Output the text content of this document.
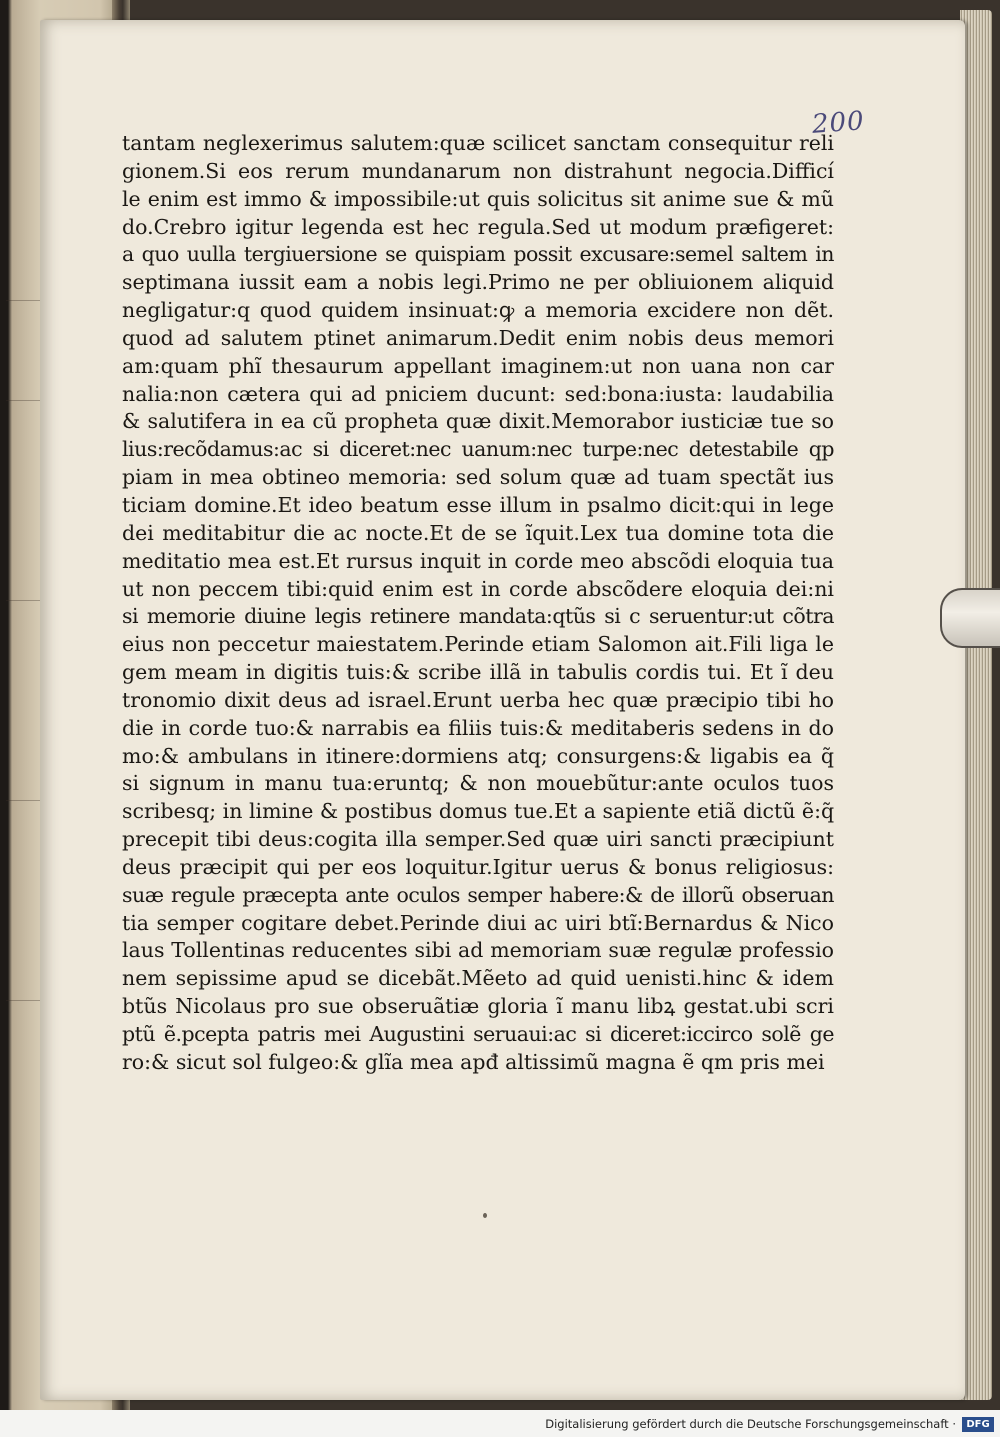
200
tantam neglexerimus salutem:quæ scilicet sanctam consequitur reli
gionem.Si eos rerum mundanarum non distrahunt negocia.Difficí
le enim est immo & impossibile:ut quis solicitus sit anime sue & mũ
do.Crebro igitur legenda est hec regula.Sed ut modum præfigeret:
a quo uulla tergiuersione se quispiam possit excusare:semel saltem in
septimana iussit eam a nobis legi.Primo ne per obliuionem aliquid
negligatur:q quod quidem insinuat:ꝙ a memoria excidere non dẽt.
quod ad salutem ptinet animarum.Dedit enim nobis deus memori
am:quam phĩ thesaurum appellant imaginem:ut non uana non car
nalia:non cætera qui ad pniciem ducunt: sed:bona:iusta: laudabilia
& salutifera in ea cũ propheta quæ dixit.Memorabor iusticiæ tue so
lius:recõdamus:ac si diceret:nec uanum:nec turpe:nec detestabile qp
piam in mea obtineo memoria: sed solum quæ ad tuam spectãt ius
ticiam domine.Et ideo beatum esse illum in psalmo dicit:qui in lege
dei meditabitur die ac nocte.Et de se ĩquit.Lex tua domine tota die
meditatio mea est.Et rursus inquit in corde meo abscõdi eloquia tua
ut non peccem tibi:quid enim est in corde abscõdere eloquia dei:ni
si memorie diuine legis retinere mandata:qtũs si c seruentur:ut cõtra
eius non peccetur maiestatem.Perinde etiam Salomon ait.Fili liga le
gem meam in digitis tuis:& scribe illã in tabulis cordis tui. Et ĩ deu
tronomio dixit deus ad israel.Erunt uerba hec quæ præcipio tibi ho
die in corde tuo:& narrabis ea filiis tuis:& meditaberis sedens in do
mo:& ambulans in itinere:dormiens atq; consurgens:& ligabis ea q̃
si signum in manu tua:eruntq; & non mouebũtur:ante oculos tuos
scribesq; in limine & postibus domus tue.Et a sapiente etiã dictũ ẽ:q̃
precepit tibi deus:cogita illa semper.Sed quæ uiri sancti præcipiunt
deus præcipit qui per eos loquitur.Igitur uerus & bonus religiosus:
suæ regule præcepta ante oculos semper habere:& de illorũ obseruan
tia semper cogitare debet.Perinde diui ac uiri btĩ:Bernardus & Nico
laus Tollentinas reducentes sibi ad memoriam suæ regulæ professio
nem sepissime apud se dicebãt.Mẽeto ad quid uenisti.hinc & idem
btũs Nicolaus pro sue obseruãtiæ gloria ĩ manu libꝝ gestat.ubi scri
ptũ ẽ.pcepta patris mei Augustini seruaui:ac si diceret:iccirco solẽ ge
ro:& sicut sol fulgeo:& glĩa mea apđ altissimũ magna ẽ qm pris mei
Digitalisierung gefördert durch die Deutsche Forschungsgemeinschaft ·	DFG
